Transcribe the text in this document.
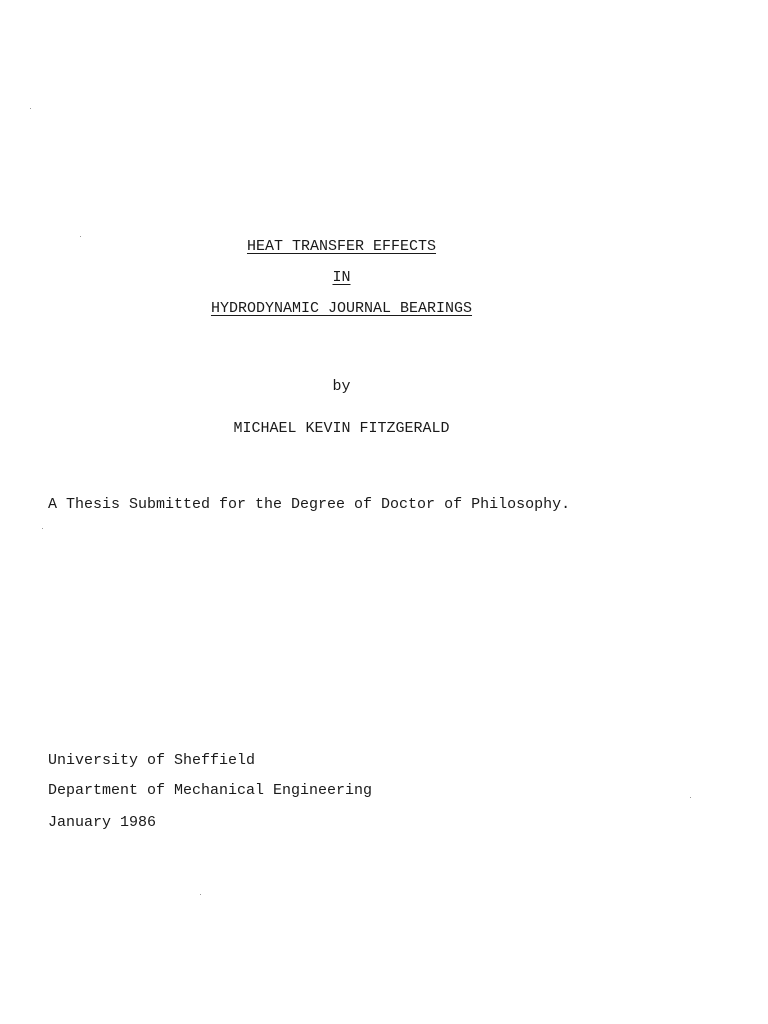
HEAT TRANSFER EFFECTS
IN
HYDRODYNAMIC JOURNAL BEARINGS
by
MICHAEL KEVIN FITZGERALD
A Thesis Submitted for the Degree of Doctor of Philosophy.
University of Sheffield
Department of Mechanical Engineering
January 1986
